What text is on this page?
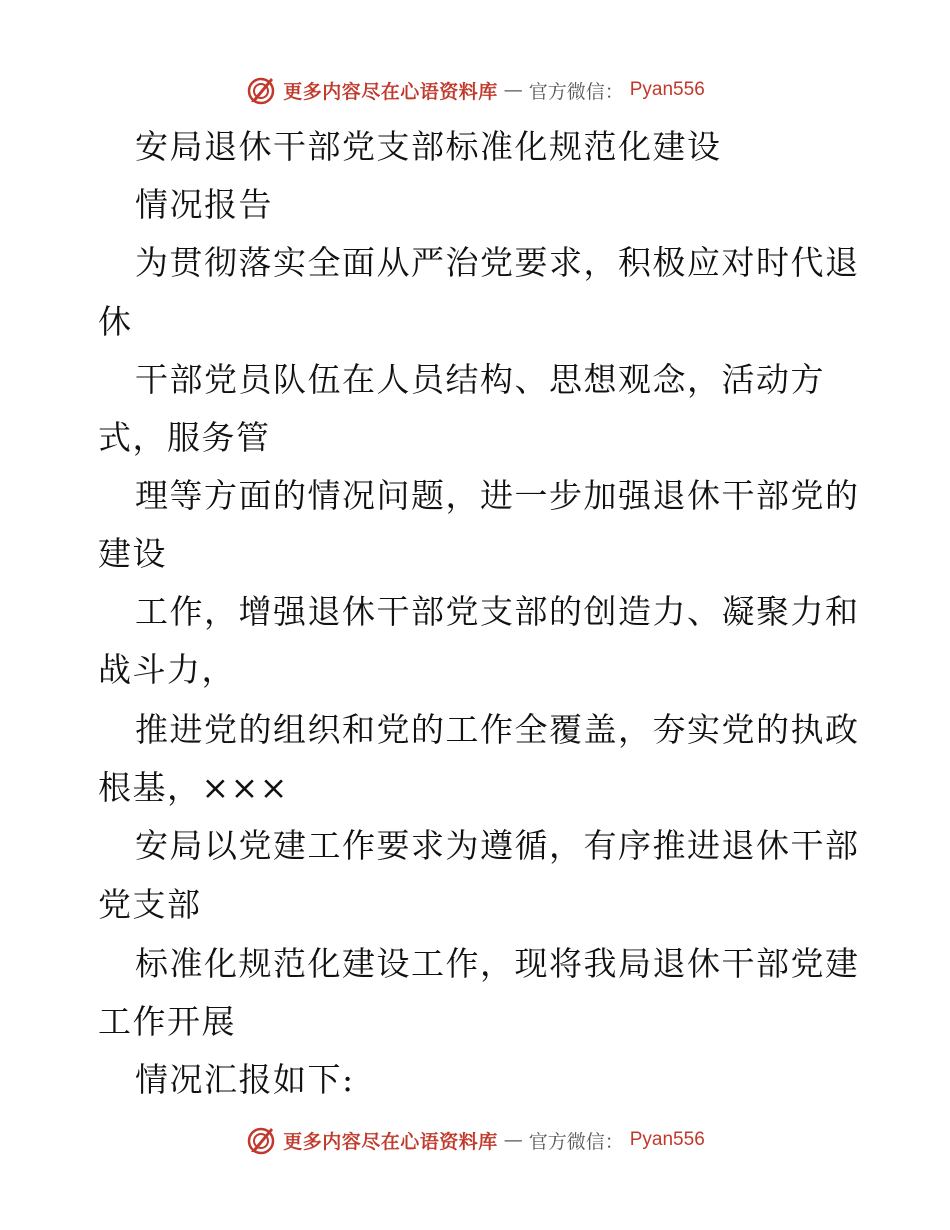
更多内容尽在心语资料库 — 官方微信： Pyan556
安局退休干部党支部标准化规范化建设
情况报告
为贯彻落实全面从严治党要求，积极应对时代退
休
干部党员队伍在人员结构、思想观念，活动方
式，服务管
理等方面的情况问题，进一步加强退休干部党的
建设
工作，增强退休干部党支部的创造力、凝聚力和
战斗力，
推进党的组织和党的工作全覆盖，夯实党的执政
根基，×××
安局以党建工作要求为遵循，有序推进退休干部
党支部
标准化规范化建设工作，现将我局退休干部党建
工作开展
情况汇报如下:
更多内容尽在心语资料库 — 官方微信： Pyan556
